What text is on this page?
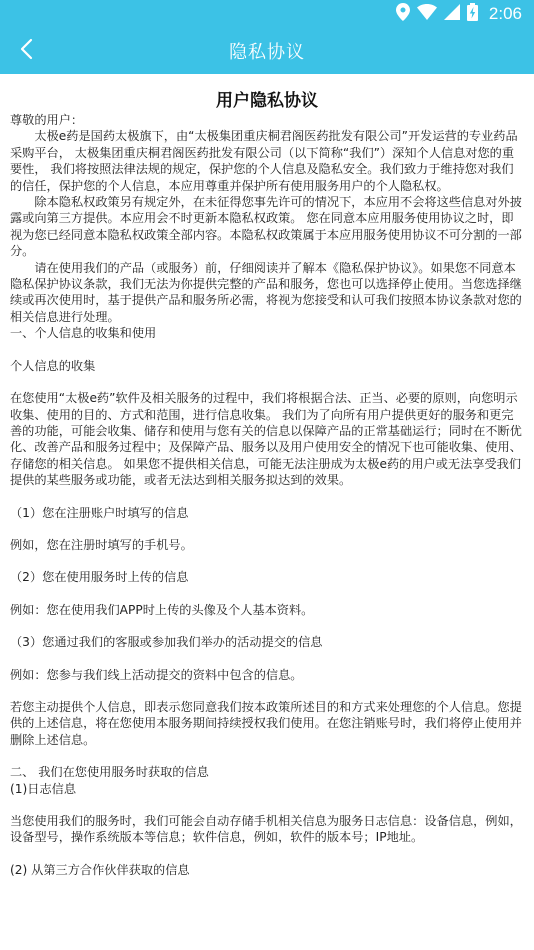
2:06
隐私协议
用户隐私协议

尊敬的用户：

太极e药是国药太极旗下，由“太极集团重庆桐君阁医药批发有限公司”开发运营的专业药品采购平台， 太极集团重庆桐君阁医药批发有限公司（以下简称“我们”）深知个人信息对您的重要性， 我们将按照法律法规的规定，保护您的个人信息及隐私安全。我们致力于维持您对我们的信任，保护您的个人信息，本应用尊重并保护所有使用服务用户的个人隐私权。

除本隐私权政策另有规定外，在未征得您事先许可的情况下，本应用不会将这些信息对外披露或向第三方提供。本应用会不时更新本隐私权政策。 您在同意本应用服务使用协议之时，即视为您已经同意本隐私权政策全部内容。本隐私权政策属于本应用服务使用协议不可分割的一部分。

请在使用我们的产品（或服务）前，仔细阅读并了解本《隐私保护协议》。如果您不同意本隐私保护协议条款，我们无法为你提供完整的产品和服务，您也可以选择停止使用。当您选择继续或再次使用时，基于提供产品和服务所必需，将视为您接受和认可我们按照本协议条款对您的相关信息进行处理。

一、个人信息的收集和使用

个人信息的收集

在您使用“太极e药”软件及相关服务的过程中，我们将根据合法、正当、必要的原则，向您明示收集、使用的目的、方式和范围，进行信息收集。 我们为了向所有用户提供更好的服务和更完善的功能，可能会收集、储存和使用与您有关的信息以保障产品的正常基础运行；同时在不断优化、改善产品和服务过程中；及保障产品、服务以及用户使用安全的情况下也可能收集、使用、存储您的相关信息。 如果您不提供相关信息，可能无法注册成为太极e药的用户或无法享受我们提供的某些服务或功能，或者无法达到相关服务拟达到的效果。

（1）您在注册账户时填写的信息

例如，您在注册时填写的手机号。

（2）您在使用服务时上传的信息

例如：您在使用我们APP时上传的头像及个人基本资料。

（3）您通过我们的客服或参加我们举办的活动提交的信息

例如：您参与我们线上活动提交的资料中包含的信息。

若您主动提供个人信息，即表示您同意我们按本政策所述目的和方式来处理您的个人信息。您提供的上述信息，将在您使用本服务期间持续授权我们使用。在您注销账号时，我们将停止使用并删除上述信息。

二、 我们在您使用服务时获取的信息

(1)日志信息

当您使用我们的服务时，我们可能会自动存储手机相关信息为服务日志信息：设备信息，例如，设备型号，操作系统版本等信息；软件信息，例如，软件的版本号；IP地址。

(2) 从第三方合作伙伴获取的信息
